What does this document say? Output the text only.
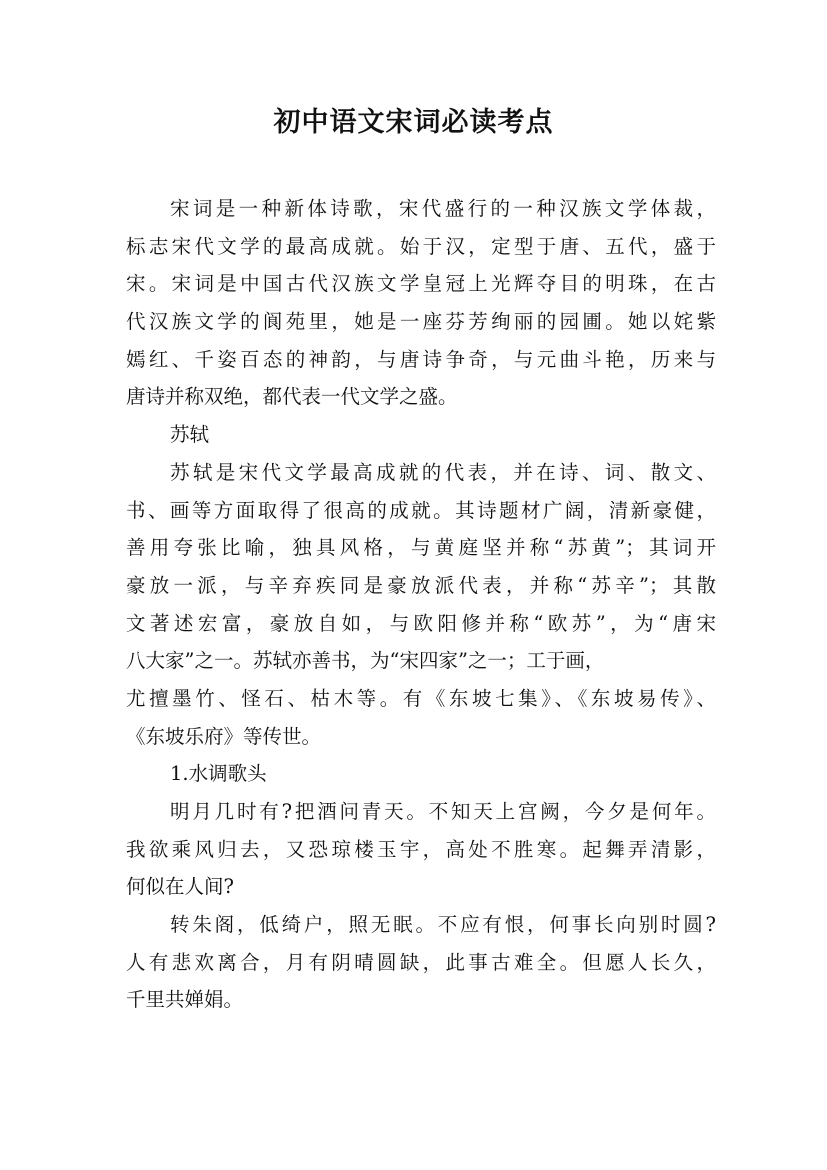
初中语文宋词必读考点
宋词是一种新体诗歌，宋代盛行的一种汉族文学体裁，
标志宋代文学的最高成就。始于汉，定型于唐、五代，盛于
宋。宋词是中国古代汉族文学皇冠上光辉夺目的明珠，在古
代汉族文学的阆苑里，她是一座芬芳绚丽的园圃。她以姹紫
嫣红、千姿百态的神韵，与唐诗争奇，与元曲斗艳，历来与
唐诗并称双绝，都代表一代文学之盛。
苏轼
苏轼是宋代文学最高成就的代表，并在诗、词、散文、
书、画等方面取得了很高的成就。其诗题材广阔，清新豪健，
善用夸张比喻，独具风格，与黄庭坚并称“苏黄”；其词开
豪放一派，与辛弃疾同是豪放派代表，并称“苏辛”；其散
文著述宏富，豪放自如，与欧阳修并称“欧苏”，为“唐宋
八大家”之一。苏轼亦善书，为“宋四家”之一；工于画，
尤擅墨竹、怪石、枯木等。有《东坡七集》、《东坡易传》、
《东坡乐府》等传世。
1.水调歌头
明月几时有?把酒问青天。不知天上宫阙，今夕是何年。
我欲乘风归去，又恐琼楼玉宇，高处不胜寒。起舞弄清影，
何似在人间?
转朱阁，低绮户，照无眠。不应有恨，何事长向别时圆?
人有悲欢离合，月有阴晴圆缺，此事古难全。但愿人长久，
千里共婵娟。
